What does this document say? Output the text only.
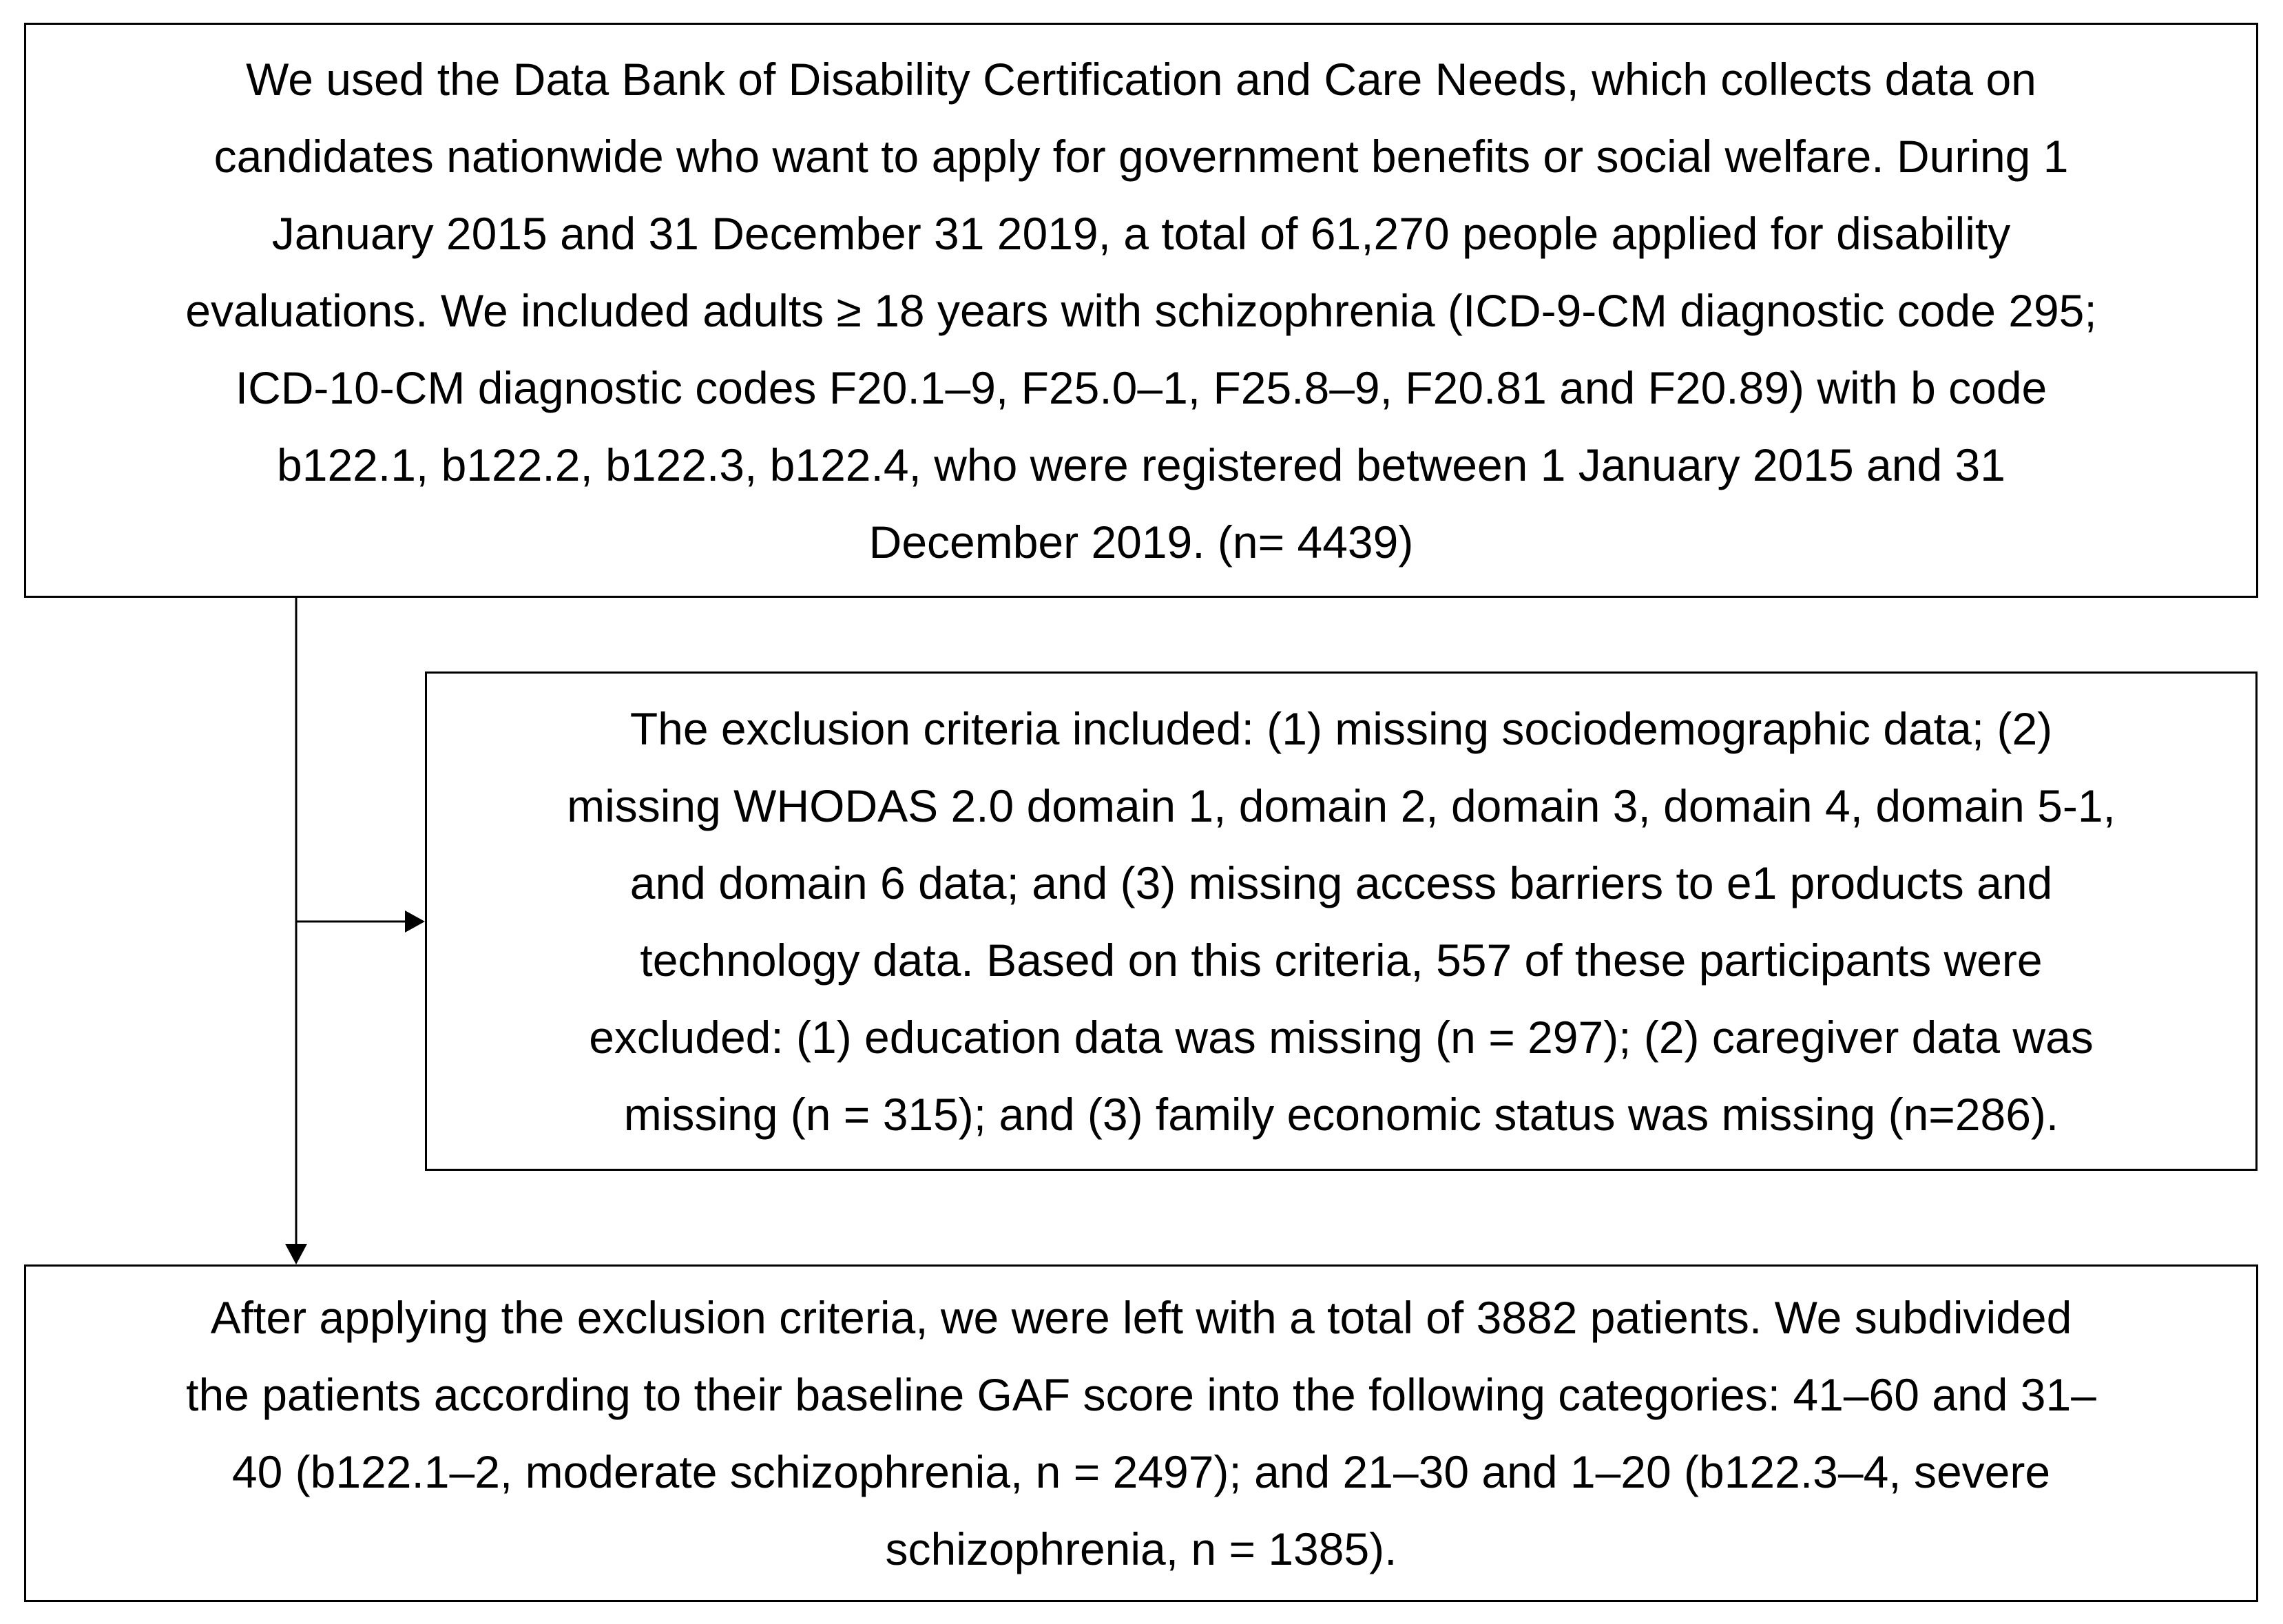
We used the Data Bank of Disability Certification and Care Needs, which collects data on
candidates nationwide who want to apply for government benefits or social welfare. During 1
January 2015 and 31 December 31 2019, a total of 61,270 people applied for disability
evaluations. We included adults ≥ 18 years with schizophrenia (ICD-9-CM diagnostic code 295;
ICD-10-CM diagnostic codes F20.1–9, F25.0–1, F25.8–9, F20.81 and F20.89) with b code
b122.1, b122.2, b122.3, b122.4, who were registered between 1 January 2015 and 31
December 2019. (n= 4439)
The exclusion criteria included: (1) missing sociodemographic data; (2)
missing WHODAS 2.0 domain 1, domain 2, domain 3, domain 4, domain 5-1,
and domain 6 data; and (3) missing access barriers to e1 products and
technology data. Based on this criteria, 557 of these participants were
excluded: (1) education data was missing (n = 297); (2) caregiver data was
missing (n = 315); and (3) family economic status was missing (n=286).
After applying the exclusion criteria, we were left with a total of 3882 patients. We subdivided
the patients according to their baseline GAF score into the following categories: 41–60 and 31–
40 (b122.1–2, moderate schizophrenia, n = 2497); and 21–30 and 1–20 (b122.3–4, severe
schizophrenia, n = 1385).
